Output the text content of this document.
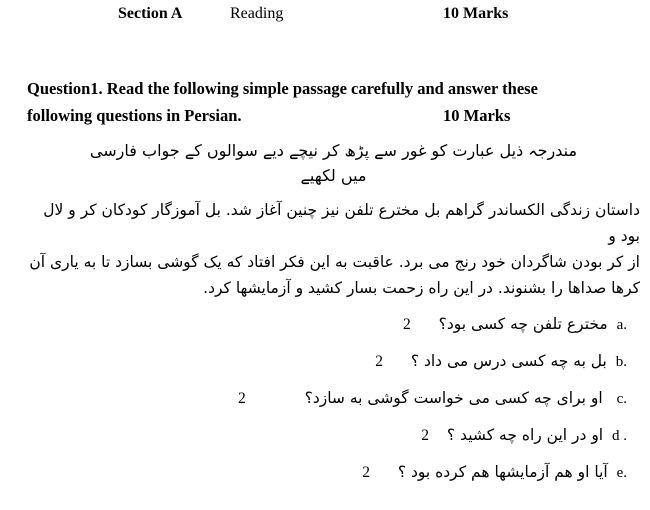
Section A	Reading	10 Marks
Question1. Read the following simple passage carefully and answer these
following questions in Persian.	10 Marks
مندرجہ ذیل عبارت کو غور سے پڑھ کر نیچے دیے سوالوں کے جواب فارسی
میں لکھیے
داستان زندگی الکساندر گراهم بل مخترع تلفن نیز چنین آغاز شد. بل آموزگار کودکان کر و لال بود و
از کر بودن شاگردان خود رنج می برد. عاقبت به این فکر افتاد که یک گوشی بسازد تا به یاری آن
کرها صداها را بشنوند. در این راه زحمت بسار کشید و آزمایشها کرد.
a. مخترع تلفن چه کسی بود؟ 2
b. بل به چه کسی درس می داد ؟ 2
c. او برای چه کسی می خواست گوشی به سازد؟ 2
d . او در این راه چه کشید ؟ 2
e. آیا او هم آزمایشها هم کرده بود ؟ 2
